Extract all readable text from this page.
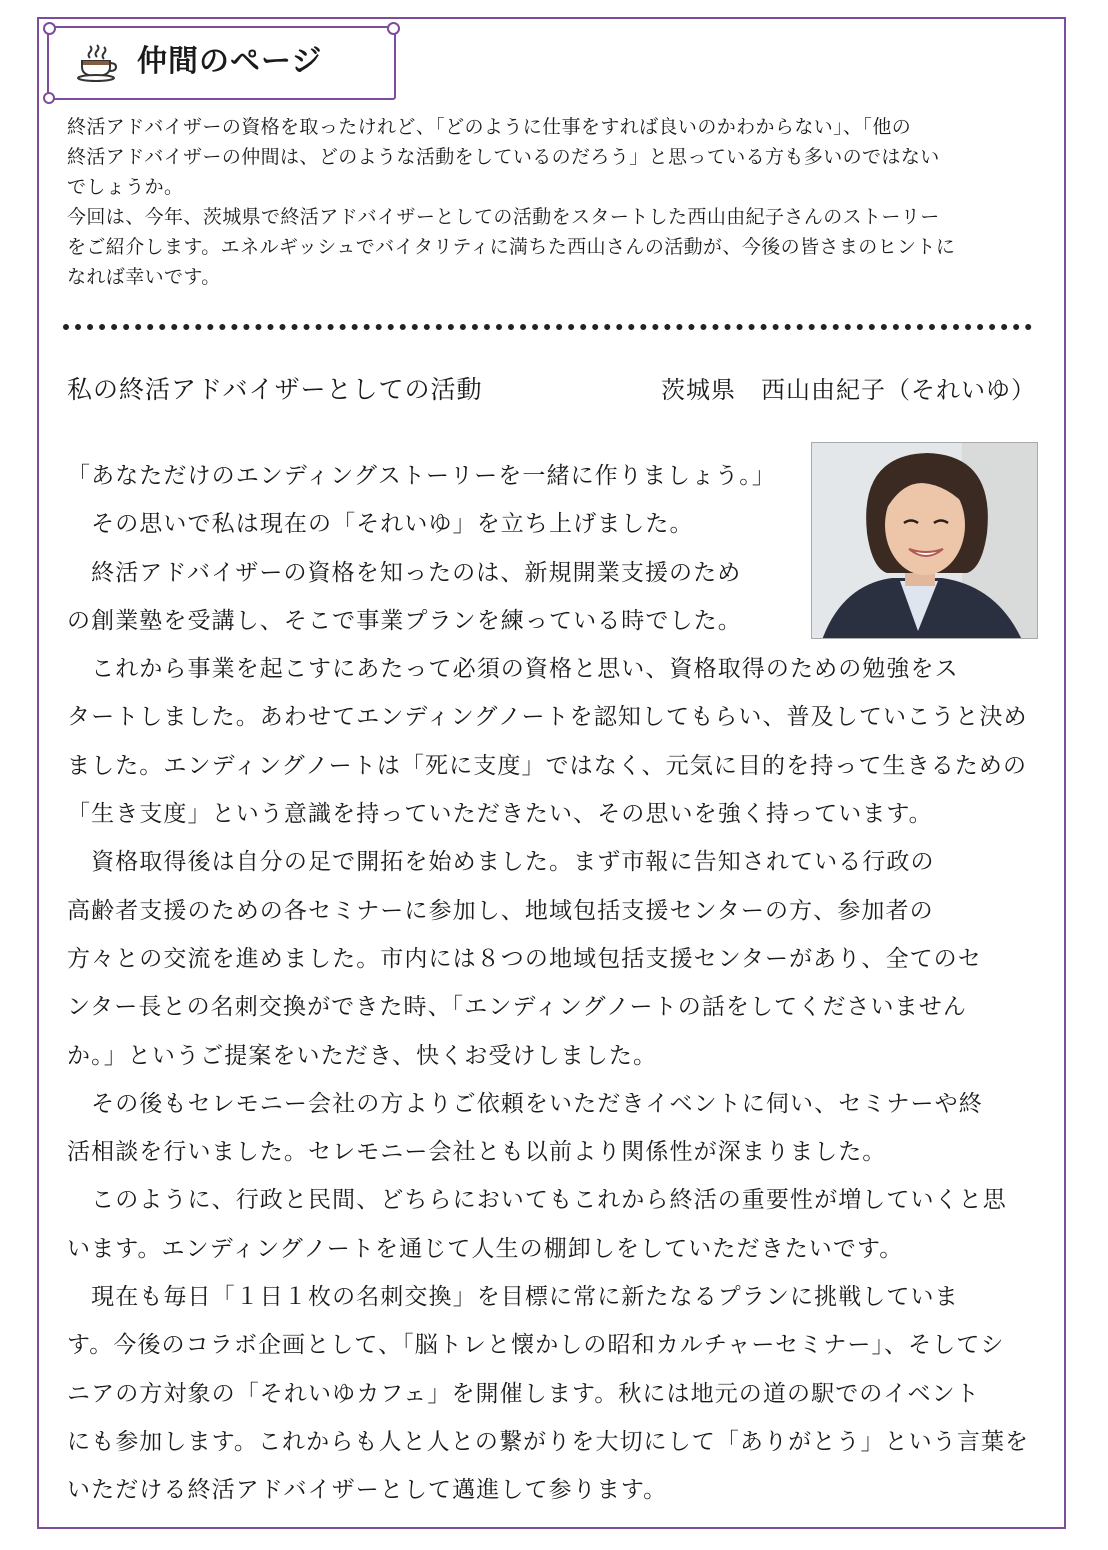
仲間のページ

終活アドバイザーの資格を取ったけれど、「どのように仕事をすれば良いのかわからない」、「他の

終活アドバイザーの仲間は、どのような活動をしているのだろう」と思っている方も多いのではない

でしょうか。

今回は、今年、茨城県で終活アドバイザーとしての活動をスタートした西山由紀子さんのストーリー

をご紹介します。エネルギッシュでバイタリティに満ちた西山さんの活動が、今後の皆さまのヒントに

なれば幸いです。

私の終活アドバイザーとしての活動	茨城県　西山由紀子（それいゆ）
「あなただけのエンディングストーリーを一緒に作りましょう。」
　その思いで私は現在の「それいゆ」を立ち上げました。
　終活アドバイザーの資格を知ったのは、新規開業支援のため
の創業塾を受講し、そこで事業プランを練っている時でした。
　これから事業を起こすにあたって必須の資格と思い、資格取得のための勉強をス
タートしました。あわせてエンディングノートを認知してもらい、普及していこうと決め
ました。エンディングノートは「死に支度」ではなく、元気に目的を持って生きるための
「生き支度」という意識を持っていただきたい、その思いを強く持っています。
　資格取得後は自分の足で開拓を始めました。まず市報に告知されている行政の
高齢者支援のための各セミナーに参加し、地域包括支援センターの方、参加者の
方々との交流を進めました。市内には８つの地域包括支援センターがあり、全てのセ
ンター長との名刺交換ができた時、「エンディングノートの話をしてくださいません
か。」というご提案をいただき、快くお受けしました。
　その後もセレモニー会社の方よりご依頼をいただきイベントに伺い、セミナーや終
活相談を行いました。セレモニー会社とも以前より関係性が深まりました。
　このように、行政と民間、どちらにおいてもこれから終活の重要性が増していくと思
います。エンディングノートを通じて人生の棚卸しをしていただきたいです。
　現在も毎日「１日１枚の名刺交換」を目標に常に新たなるプランに挑戦していま
す。今後のコラボ企画として、「脳トレと懐かしの昭和カルチャーセミナー」、そしてシ
ニアの方対象の「それいゆカフェ」を開催します。秋には地元の道の駅でのイベント
にも参加します。これからも人と人との繋がりを大切にして「ありがとう」という言葉を
いただける終活アドバイザーとして邁進して参ります。
